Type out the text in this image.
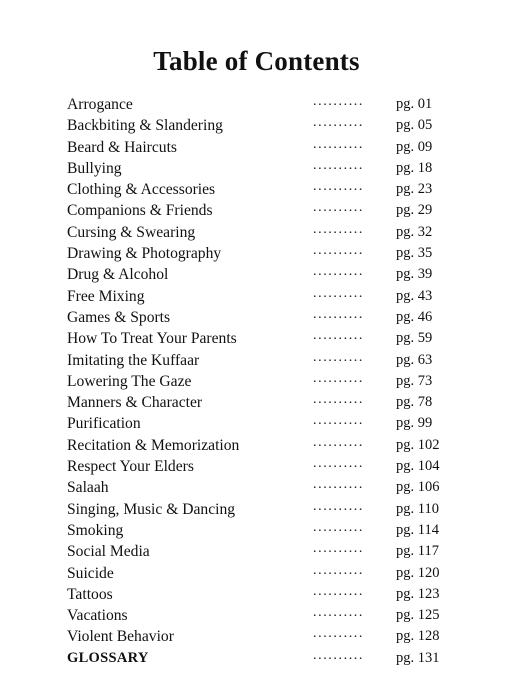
Table of Contents
Arrogance	.......... pg. 01
Backbiting & Slandering	.......... pg. 05
Beard & Haircuts	.......... pg. 09
Bullying	.......... pg. 18
Clothing & Accessories	.......... pg. 23
Companions & Friends	.......... pg. 29
Cursing & Swearing	.......... pg. 32
Drawing & Photography	.......... pg. 35
Drug & Alcohol	.......... pg. 39
Free Mixing	.......... pg. 43
Games & Sports	.......... pg. 46
How To Treat Your Parents	.......... pg. 59
Imitating the Kuffaar	.......... pg. 63
Lowering The Gaze	.......... pg. 73
Manners & Character	.......... pg. 78
Purification	.......... pg. 99
Recitation & Memorization	.......... pg. 102
Respect Your Elders	.......... pg. 104
Salaah	.......... pg. 106
Singing, Music & Dancing	.......... pg. 110
Smoking	.......... pg. 114
Social Media	.......... pg. 117
Suicide	.......... pg. 120
Tattoos	.......... pg. 123
Vacations	.......... pg. 125
Violent Behavior	.......... pg. 128
GLOSSARY	.......... pg. 131
